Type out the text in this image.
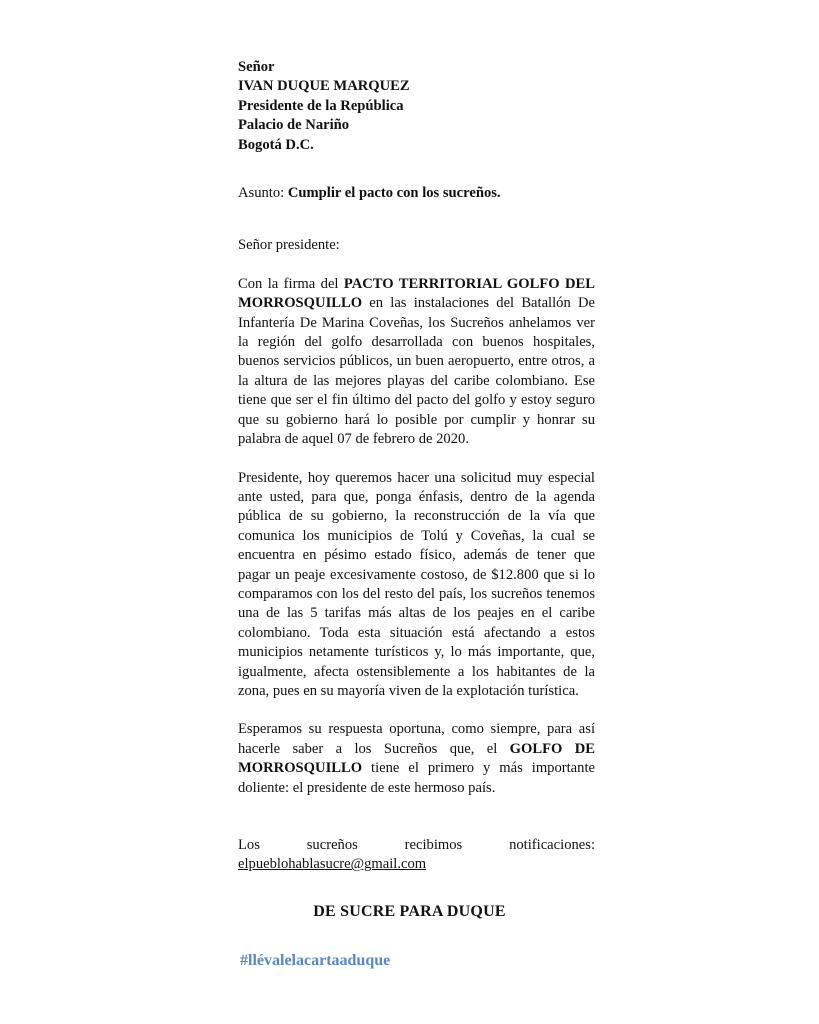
Señor

IVAN DUQUE MARQUEZ

Presidente de la República

Palacio de Nariño

Bogotá D.C.

Asunto: Cumplir el pacto con los sucreños.

Señor presidente:

Con la firma del PACTO TERRITORIAL GOLFO DEL MORROSQUILLO en las instalaciones del Batallón De Infantería De Marina Coveñas, los Sucreños anhelamos ver la región del golfo desarrollada con buenos hospitales, buenos servicios públicos, un buen aeropuerto, entre otros, a la altura de las mejores playas del caribe colombiano. Ese tiene que ser el fin último del pacto del golfo y estoy seguro que su gobierno hará lo posible por cumplir y honrar su palabra de aquel 07 de febrero de 2020.

Presidente, hoy queremos hacer una solicitud muy especial ante usted, para que, ponga énfasis, dentro de la agenda pública de su gobierno, la reconstrucción de la vía que comunica los municipios de Tolú y Coveñas, la cual se encuentra en pésimo estado físico, además de tener que pagar un peaje excesivamente costoso, de $12.800 que si lo comparamos con los del resto del país, los sucreños tenemos una de las 5 tarifas más altas de los peajes en el caribe colombiano. Toda esta situación está afectando a estos municipios netamente turísticos y, lo más importante, que, igualmente, afecta ostensiblemente a los habitantes de la zona, pues en su mayoría viven de la explotación turística.

Esperamos su respuesta oportuna, como siempre, para así hacerle saber a los Sucreños que, el GOLFO DE MORROSQUILLO tiene el primero y más importante doliente: el presidente de este hermoso país.

Los sucreños recibimos notificaciones:

elpueblohablasucre@gmail.com

DE SUCRE PARA DUQUE
#llévalelacartaaduque
